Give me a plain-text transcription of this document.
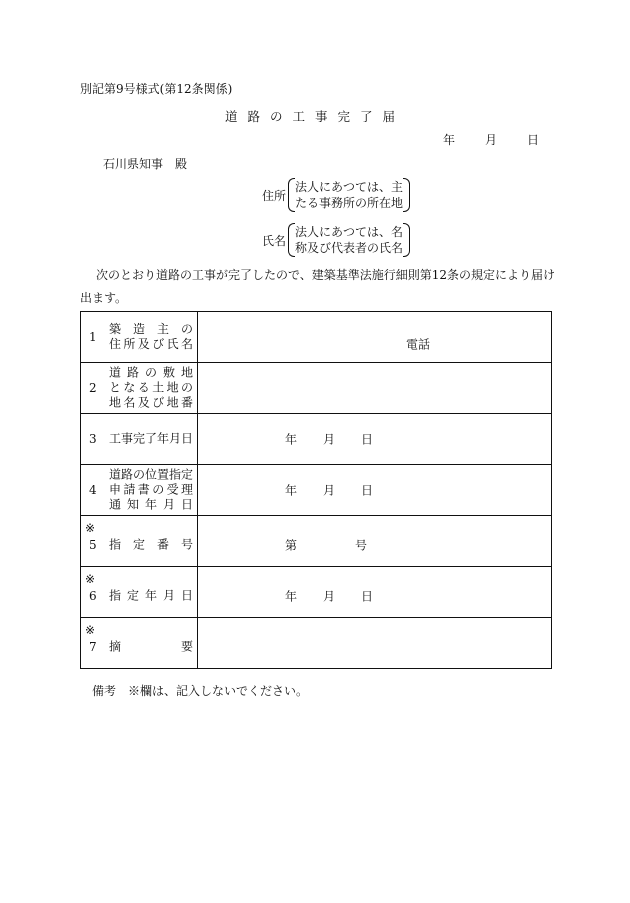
別記第9号様式(第12条関係)
道路の工事完了届
年	月	日
石川県知事　殿
住所
法人にあつては、主
たる事務所の所在地
氏名
法人にあつては、名
称及び代表者の氏名
次のとおり道路の工事が完了したので、建築基準法施行細則第12条の規定により届け
出ます。
1
築 造 主 の
住所及び氏名	電話

2
道 路 の 敷 地
となる土地の
地名及び地番	

3 工事完了年月日	年 月 日

4
道路の位置指定
申請書の受理
通 知 年 月 日	年 月 日

※
5 指 定 番 号	第 号

※
6 指定年月日	年 月 日

※
7 摘　　　要	

備考 ※欄は、記入しないでください。
